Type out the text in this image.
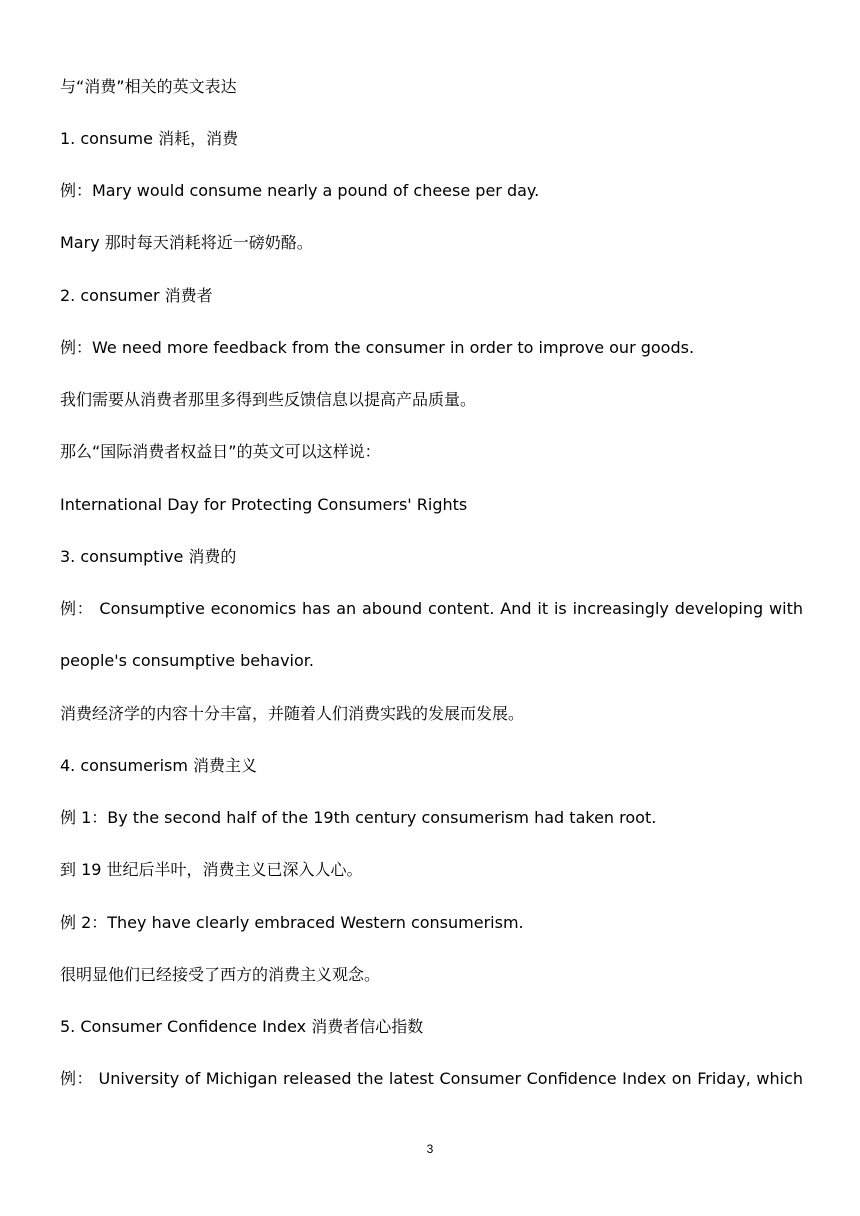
与“消费”相关的英文表达
1. consume 消耗，消费
例：Mary would consume nearly a pound of cheese per day.
Mary 那时每天消耗将近一磅奶酪。
2. consumer 消费者
例：We need more feedback from the consumer in order to improve our goods.
我们需要从消费者那里多得到些反馈信息以提高产品质量。
那么“国际消费者权益日”的英文可以这样说：
International Day for Protecting Consumers' Rights
3. consumptive 消费的
例： Consumptive economics has an abound content. And it is increasingly developing with
people's consumptive behavior.
消费经济学的内容十分丰富，并随着人们消费实践的发展而发展。
4. consumerism 消费主义
例 1：By the second half of the 19th century consumerism had taken root.
到 19 世纪后半叶，消费主义已深入人心。
例 2：They have clearly embraced Western consumerism.
很明显他们已经接受了西方的消费主义观念。
5. Consumer Confidence Index 消费者信心指数
例： University of Michigan released the latest Consumer Confidence Index on Friday, which
3
